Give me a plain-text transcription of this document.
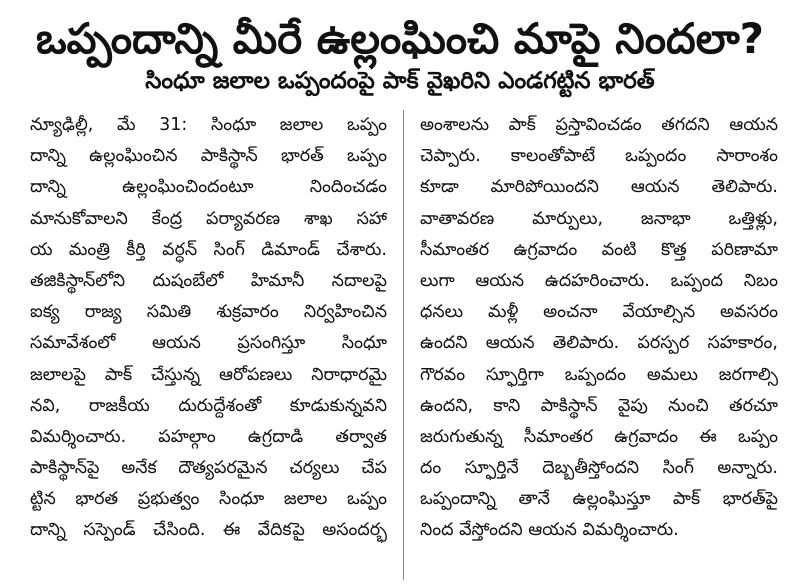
ఒప్పందాన్ని మీరే ఉల్లంఘించి మాపై నిందలా?
సింధూ జలాల ఒప్పందంపై పాక్ వైఖరిని ఎండగట్టిన భారత్
న్యూఢిల్లీ, మే 31: సింధూ జలాల ఒప్పం
దాన్ని ఉల్లంఘించిన పాకిస్థాన్ భారత్ ఒప్పం
దాన్ని ఉల్లంఘించిందంటూ నిందించడం
మానుకోవాలని కేంద్ర పర్యావరణ శాఖ సహా
య మంత్రి కీర్తి వర్ధన్ సింగ్ డిమాండ్ చేశారు.
తజికిస్థాన్‌లోని దుషంబేలో హిమానీ నదాలపై
ఐక్య రాజ్య సమితి శుక్రవారం నిర్వహించిన
సమావేశంలో ఆయన ప్రసంగిస్తూ సింధూ
జలాలపై పాక్ చేస్తున్న ఆరోపణలు నిరాధారమై
నవి, రాజకీయ దురుద్దేశంతో కూడుకున్నవని
విమర్శించారు. పహల్గాం ఉగ్రదాడి తర్వాత
పాకిస్థాన్‌పై అనేక దౌత్యపరమైన చర్యలు చేప
ట్టిన భారత ప్రభుత్వం సింధూ జలాల ఒప్పం
దాన్ని సస్పెండ్ చేసింది. ఈ వేదికపై అసందర్భ
అంశాలను పాక్ ప్రస్తావించడం తగదని ఆయన
చెప్పారు. కాలంతోపాటే ఒప్పందం సారాంశం
కూడా మారిపోయిందని ఆయన తెలిపారు.
వాతావరణ మార్పులు, జనాభా ఒత్తిళ్లు,
సీమాంతర ఉగ్రవాదం వంటి కొత్త పరిణామా
లుగా ఆయన ఉదహరించారు. ఒప్పంద నిబం
ధనలు మళ్లీ అంచనా వేయాల్సిన అవసరం
ఉందని ఆయన తెలిపారు. పరస్పర సహకారం,
గౌరవం స్ఫూర్తిగా ఒప్పందం అమలు జరగాల్సి
ఉందని, కాని పాకిస్థాన్ వైపు నుంచి తరచూ
జరుగుతున్న సీమాంతర ఉగ్రవాదం ఈ ఒప్పం
దం స్ఫూర్తినే దెబ్బతీస్తోందని సింగ్ అన్నారు.
ఒప్పందాన్ని తానే ఉల్లంఘిస్తూ పాక్ భారత్‌పై
నింద వేస్తోందని ఆయన విమర్శించారు.
